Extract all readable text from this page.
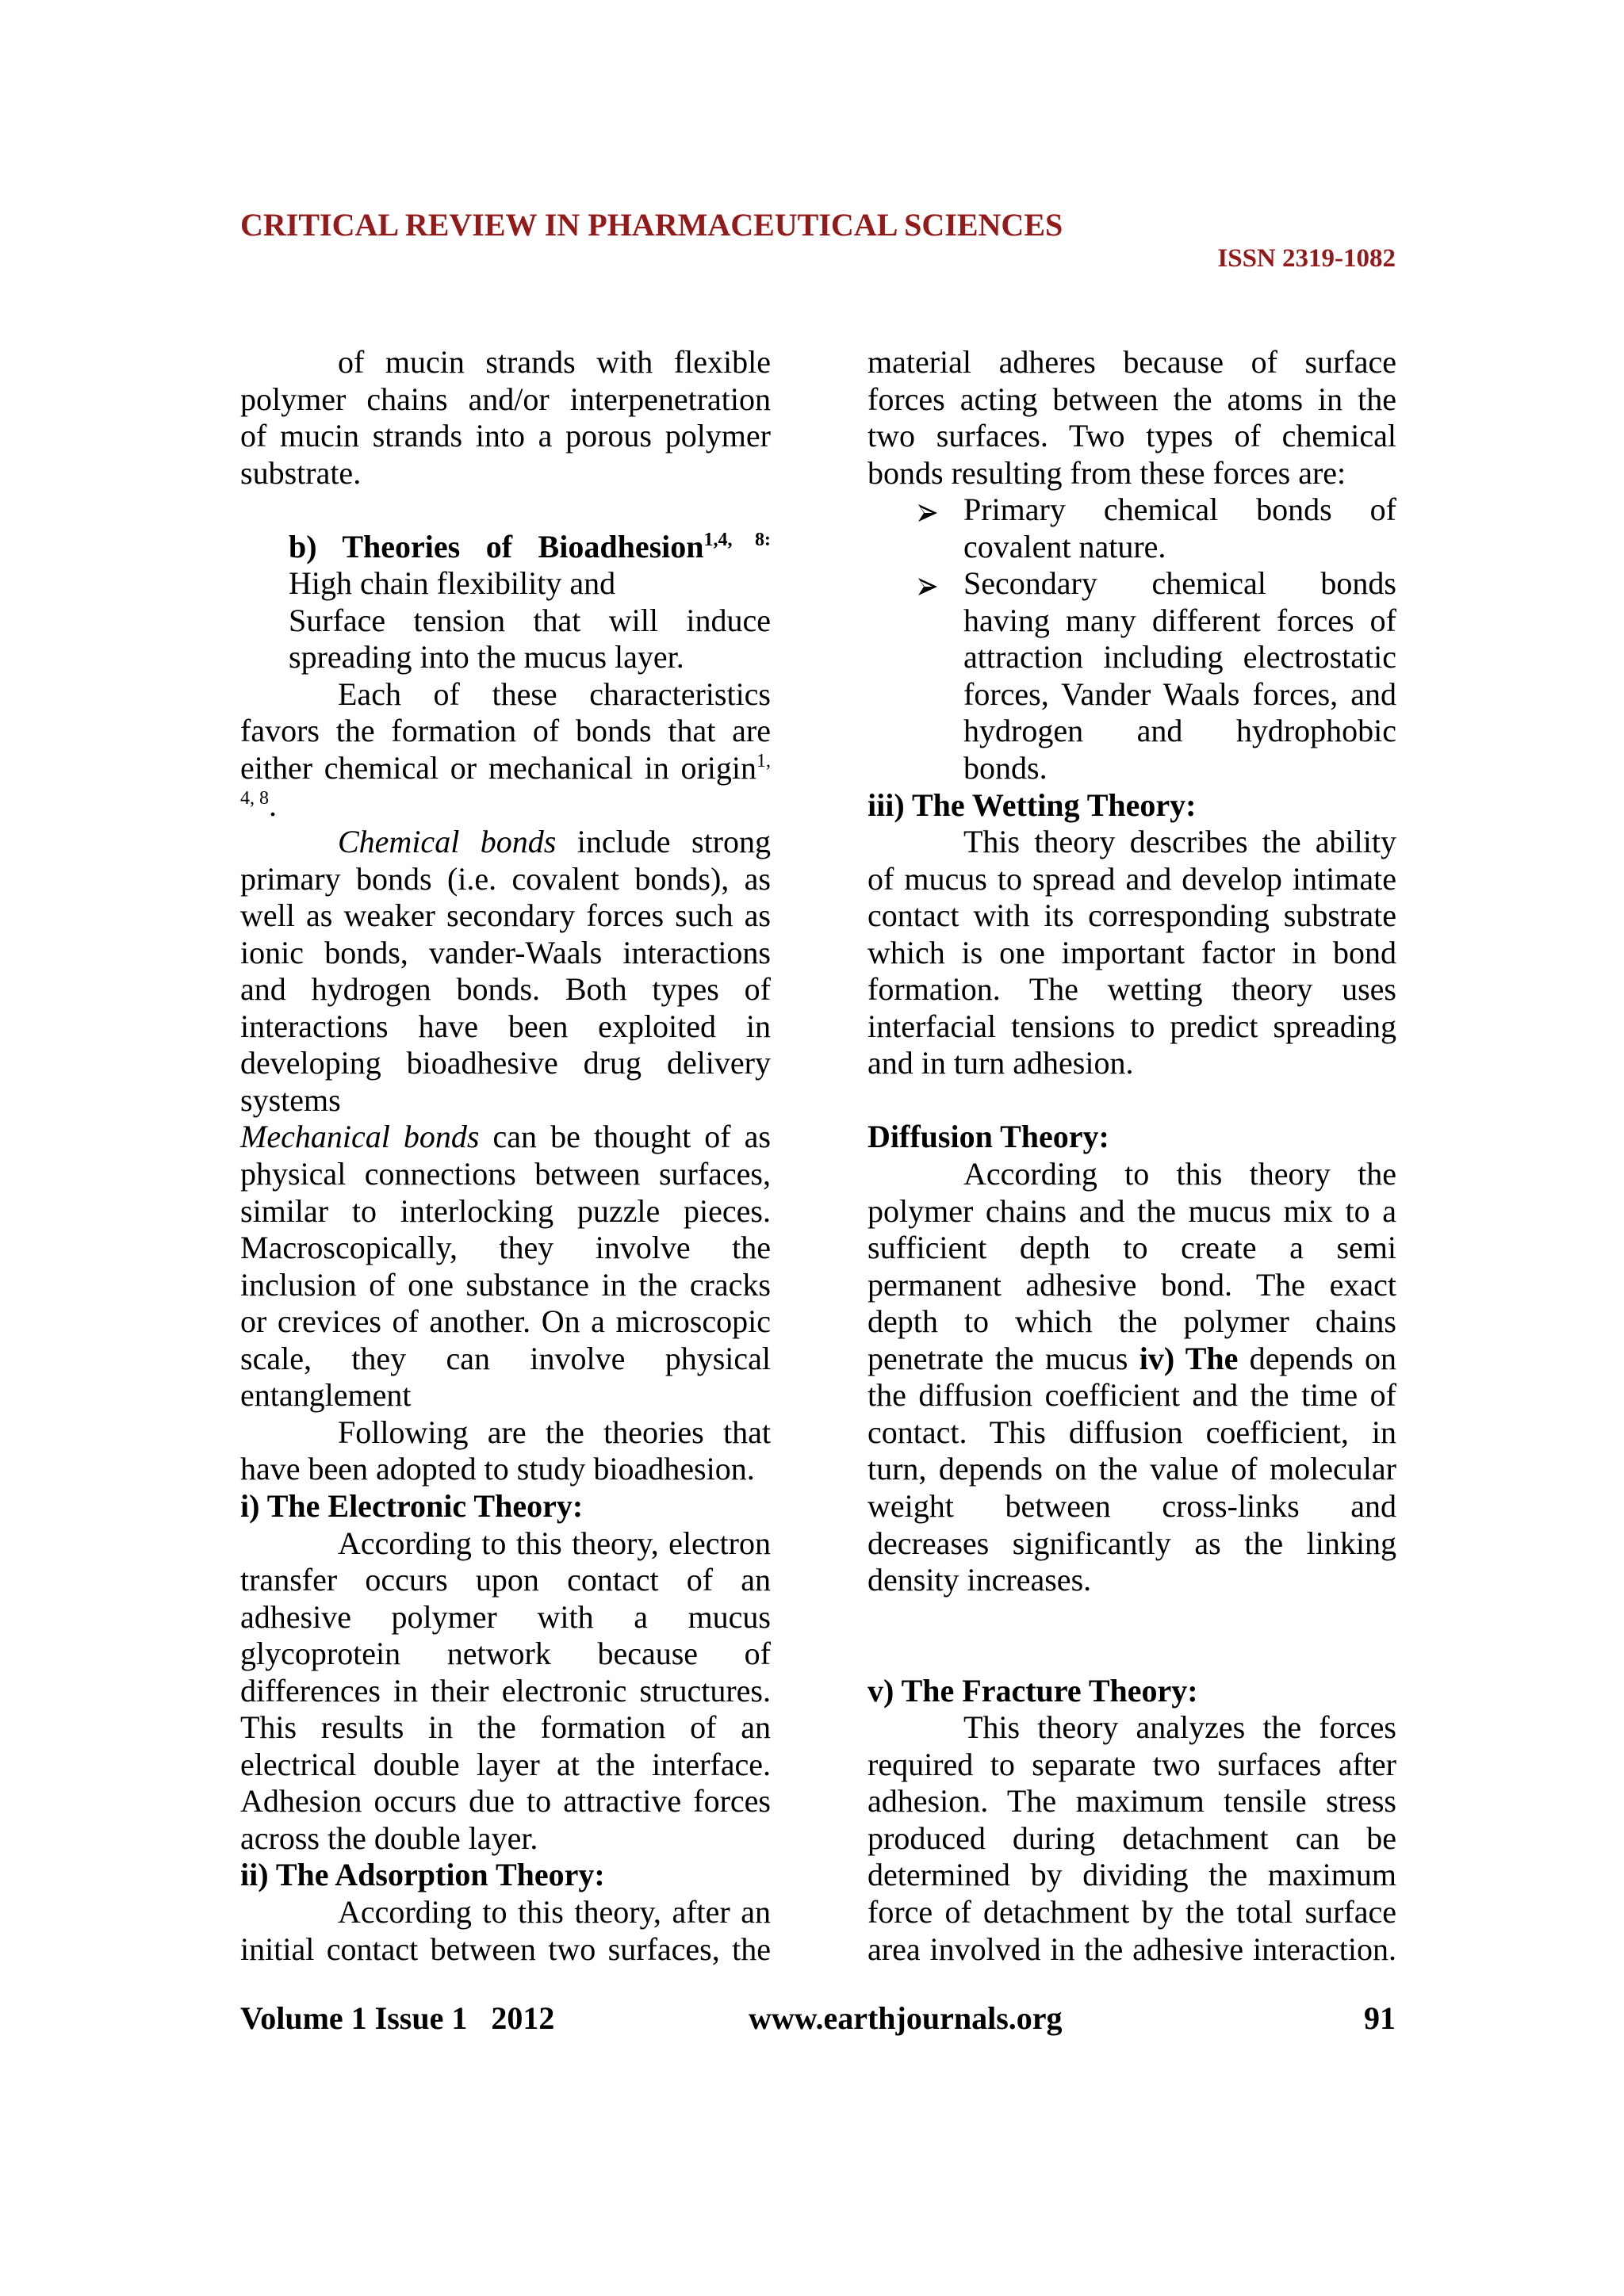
CRITICAL REVIEW IN PHARMACEUTICAL SCIENCES
ISSN 2319-1082
of mucin strands with flexible
polymer chains and/or interpenetration
of mucin strands into a porous polymer
substrate.
b) Theories of Bioadhesion$^{1,4, 8:}$
High chain flexibility and
Surface tension that will induce
spreading into the mucus layer.
Each of these characteristics
favors the formation of bonds that are
either chemical or mechanical in origin$^{1,}$
$^{4, 8}$.
Chemical bonds include strong
primary bonds (i.e. covalent bonds), as
well as weaker secondary forces such as
ionic bonds, vander-Waals interactions
and hydrogen bonds. Both types of
interactions have been exploited in
developing bioadhesive drug delivery
systems
Mechanical bonds can be thought of as
physical connections between surfaces,
similar to interlocking puzzle pieces.
Macroscopically, they involve the
inclusion of one substance in the cracks
or crevices of another. On a microscopic
scale, they can involve physical
entanglement
Following are the theories that
have been adopted to study bioadhesion.
i) The Electronic Theory:
According to this theory, electron
transfer occurs upon contact of an
adhesive polymer with a mucus
glycoprotein network because of
differences in their electronic structures.
This results in the formation of an
electrical double layer at the interface.
Adhesion occurs due to attractive forces
across the double layer.
ii) The Adsorption Theory:
According to this theory, after an
initial contact between two surfaces, the
material adheres because of surface
forces acting between the atoms in the
two surfaces. Two types of chemical
bonds resulting from these forces are:
Primary chemical bonds of
covalent nature.
Secondary chemical bonds
having many different forces of
attraction including electrostatic
forces, Vander Waals forces, and
hydrogen and hydrophobic
bonds.
iii) The Wetting Theory:
This theory describes the ability
of mucus to spread and develop intimate
contact with its corresponding substrate
which is one important factor in bond
formation. The wetting theory uses
interfacial tensions to predict spreading
and in turn adhesion.
Diffusion Theory:
According to this theory the
polymer chains and the mucus mix to a
sufficient depth to create a semi
permanent adhesive bond. The exact
depth to which the polymer chains
penetrate the mucus iv) The depends on
the diffusion coefficient and the time of
contact. This diffusion coefficient, in
turn, depends on the value of molecular
weight between cross-links and
decreases significantly as the linking
density increases.
v) The Fracture Theory:
This theory analyzes the forces
required to separate two surfaces after
adhesion. The maximum tensile stress
produced during detachment can be
determined by dividing the maximum
force of detachment by the total surface
area involved in the adhesive interaction.
Volume 1 Issue 1   2012	www.earthjournals.org	91
